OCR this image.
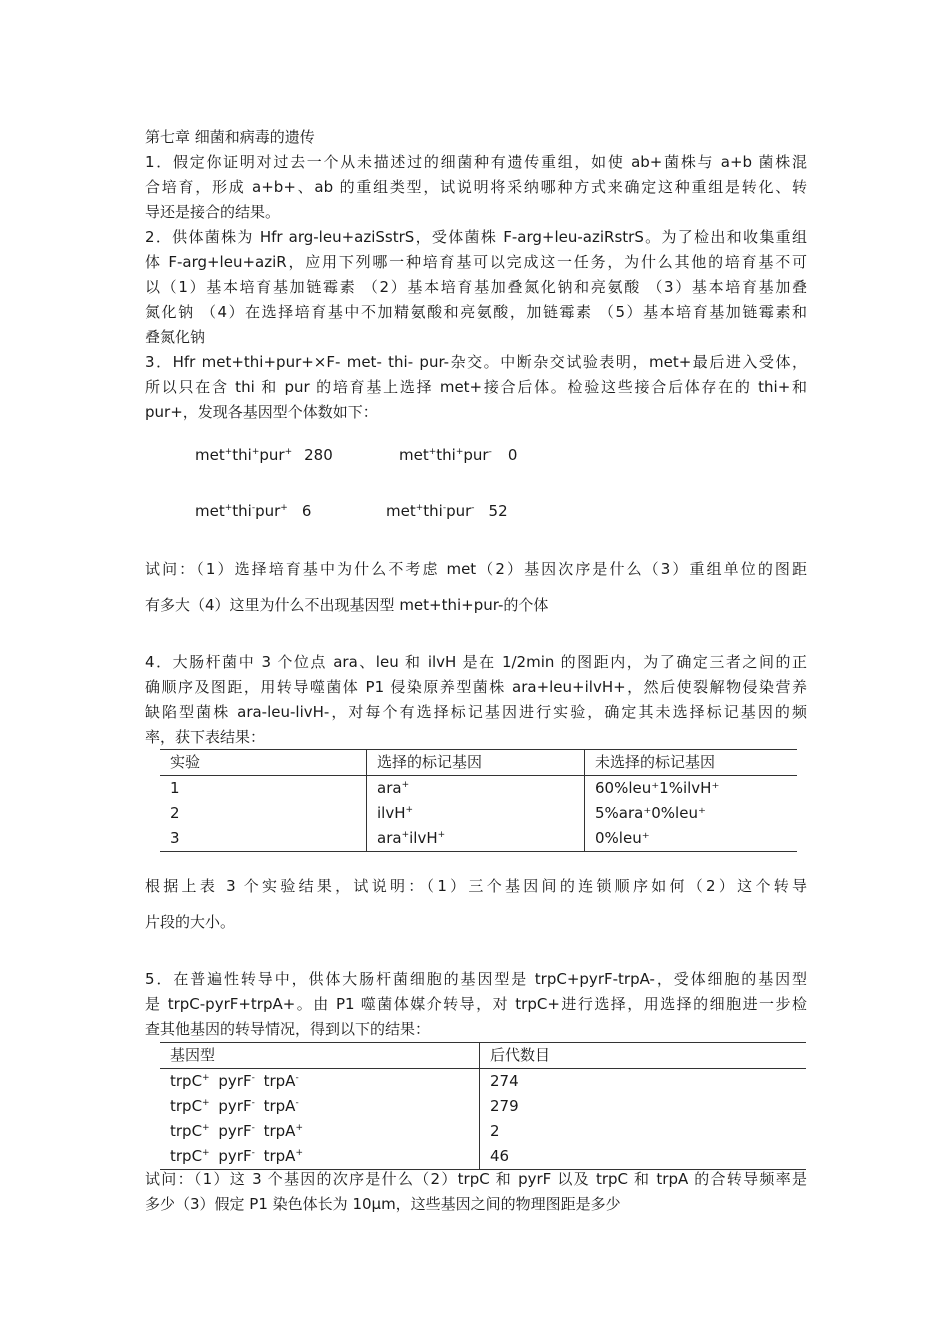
第七章 细菌和病毒的遗传

1．假定你证明对过去一个从未描述过的细菌种有遗传重组，如使 ab+菌株与 a+b 菌株混

合培育，形成 a+b+、ab 的重组类型，试说明将采纳哪种方式来确定这种重组是转化、转

导还是接合的结果。

2．供体菌株为 Hfr arg-leu+aziSstrS，受体菌株 F-arg+leu-aziRstrS。为了检出和收集重组

体 F-arg+leu+aziR，应用下列哪一种培育基可以完成这一任务，为什么其他的培育基不可

以（1）基本培育基加链霉素 （2）基本培育基加叠氮化钠和亮氨酸 （3）基本培育基加叠

氮化钠 （4）在选择培育基中不加精氨酸和亮氨酸，加链霉素 （5）基本培育基加链霉素和

叠氮化钠

3．Hfr met+thi+pur+×F- met- thi- pur-杂交。中断杂交试验表明，met+最后进入受体，

所以只在含 thi 和 pur 的培育基上选择 met+接合后体。检验这些接合后体存在的 thi+和

pur+，发现各基因型个体数如下：

met+thi+pur+ 280	met+thi+pur- 0
met+thi-pur+ 6	met+thi-pur- 52

试问：（1）选择培育基中为什么不考虑 met（2）基因次序是什么（3）重组单位的图距

有多大（4）这里为什么不出现基因型 met+thi+pur-的个体

4．大肠杆菌中 3 个位点 ara、leu 和 ilvH 是在 1/2min 的图距内，为了确定三者之间的正

确顺序及图距，用转导噬菌体 P1 侵染原养型菌株 ara+leu+ilvH+，然后使裂解物侵染营养

缺陷型菌株 ara-leu-livH-，对每个有选择标记基因进行实验，确定其未选择标记基因的频

率，获下表结果：

实验	选择的标记基因	未选择的标记基因
1	ara+	60%leu⁺1%ilvH⁺
2	ilvH+	5%ara⁺0%leu⁺
3	ara+ilvH+	0%leu⁺

根据上表 3 个实验结果，试说明：（1）三个基因间的连锁顺序如何（2）这个转导

片段的大小。

5．在普遍性转导中，供体大肠杆菌细胞的基因型是 trpC+pyrF-trpA-，受体细胞的基因型

是 trpC-pyrF+trpA+。由 P1 噬菌体媒介转导，对 trpC+进行选择，用选择的细胞进一步检

查其他基因的转导情况，得到以下的结果：

基因型	后代数目
trpC+ pyrF- trpA-	274
trpC+ pyrF- trpA-	279
trpC+ pyrF- trpA+	2
trpC+ pyrF- trpA+	46

试问：（1）这 3 个基因的次序是什么（2）trpC 和 pyrF 以及 trpC 和 trpA 的合转导频率是

多少（3）假定 P1 染色体长为 10μm，这些基因之间的物理图距是多少
